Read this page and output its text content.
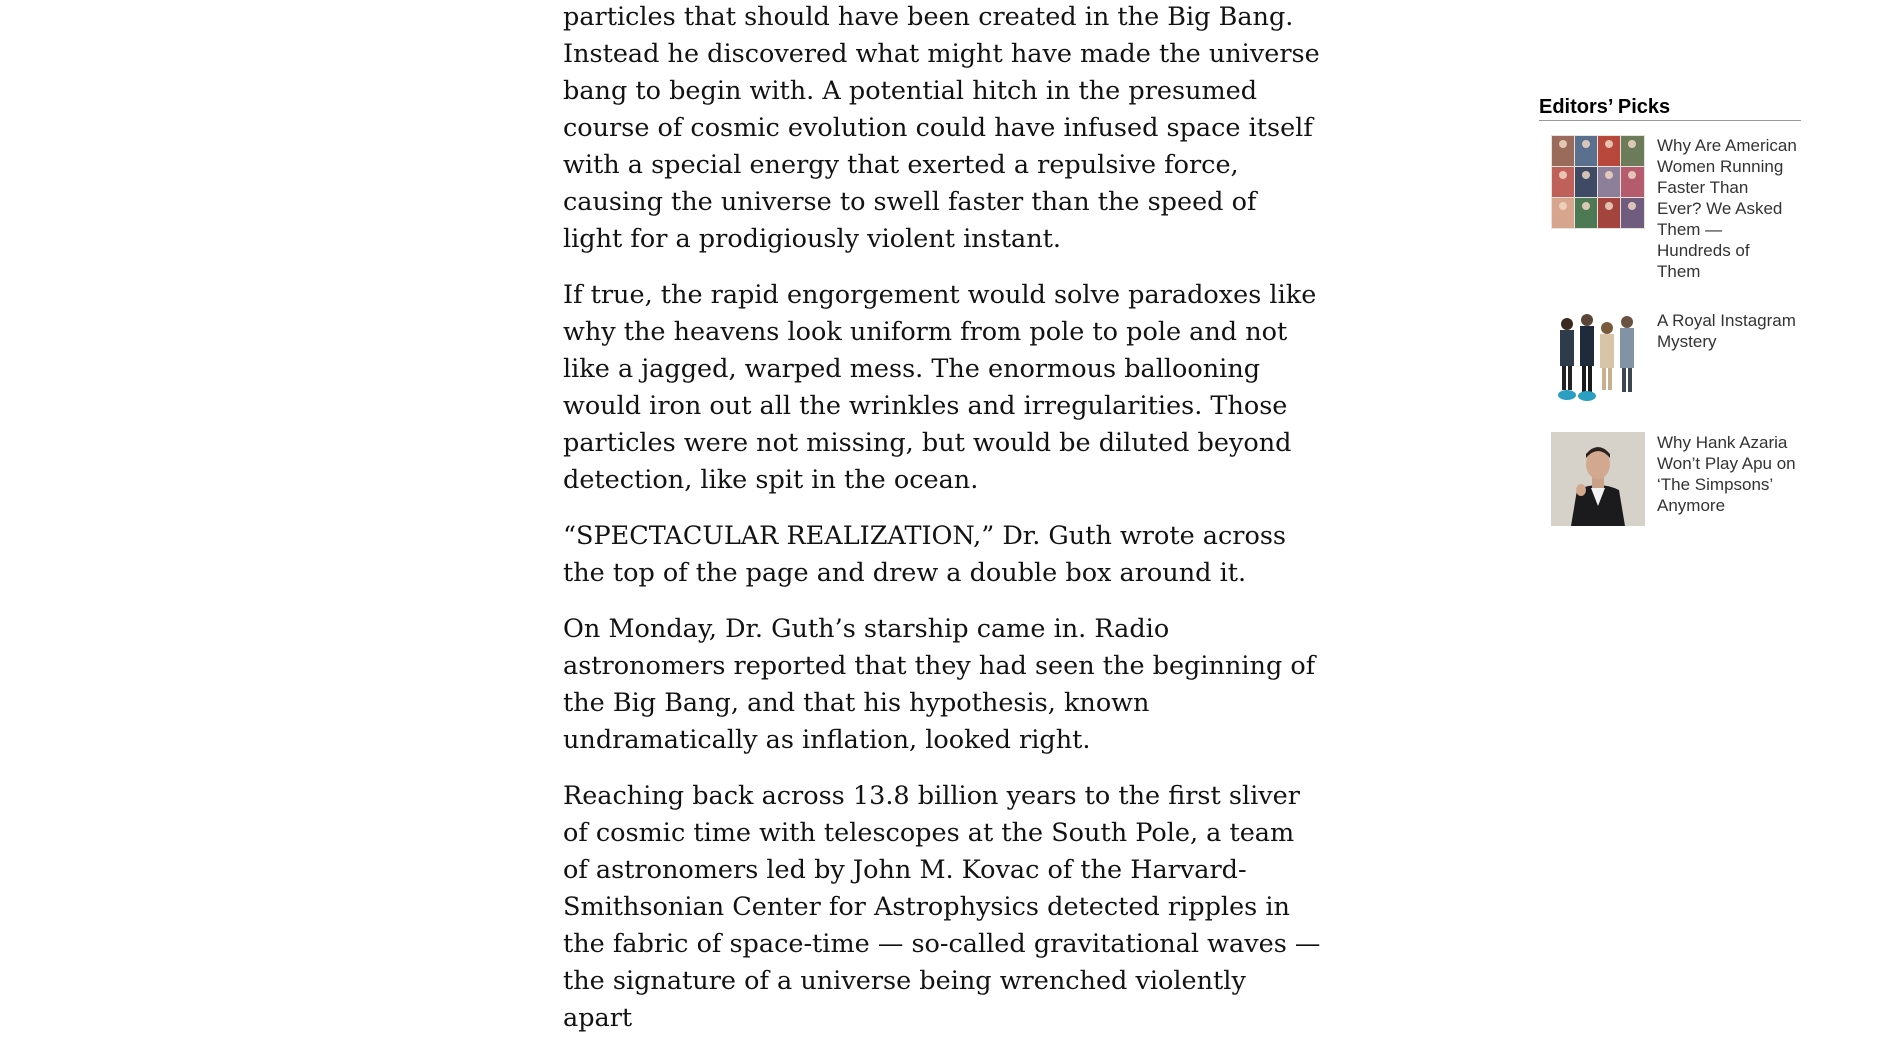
particles that should have been created in the Big Bang. Instead he discovered what might have made the universe bang to begin with. A potential hitch in the presumed course of cosmic evolution could have infused space itself with a special energy that exerted a repulsive force, causing the universe to swell faster than the speed of light for a prodigiously violent instant.

If true, the rapid engorgement would solve paradoxes like why the heavens look uniform from pole to pole and not like a jagged, warped mess. The enormous ballooning would iron out all the wrinkles and irregularities. Those particles were not missing, but would be diluted beyond detection, like spit in the ocean.

“SPECTACULAR REALIZATION,” Dr. Guth wrote across the top of the page and drew a double box around it.

On Monday, Dr. Guth’s starship came in. Radio astronomers reported that they had seen the beginning of the Big Bang, and that his hypothesis, known undramatically as inflation, looked right.

Reaching back across 13.8 billion years to the first sliver of cosmic time with telescopes at the South Pole, a team of astronomers led by John M. Kovac of the Harvard-Smithsonian Center for Astrophysics detected ripples in the fabric of space-time — so-called gravitational waves — the signature of a universe being wrenched violently apart

Editors’ Picks
Why Are American Women Running Faster Than Ever? We Asked Them — Hundreds of Them
A Royal Instagram Mystery
Why Hank Azaria Won’t Play Apu on ‘The Simpsons’ Anymore
